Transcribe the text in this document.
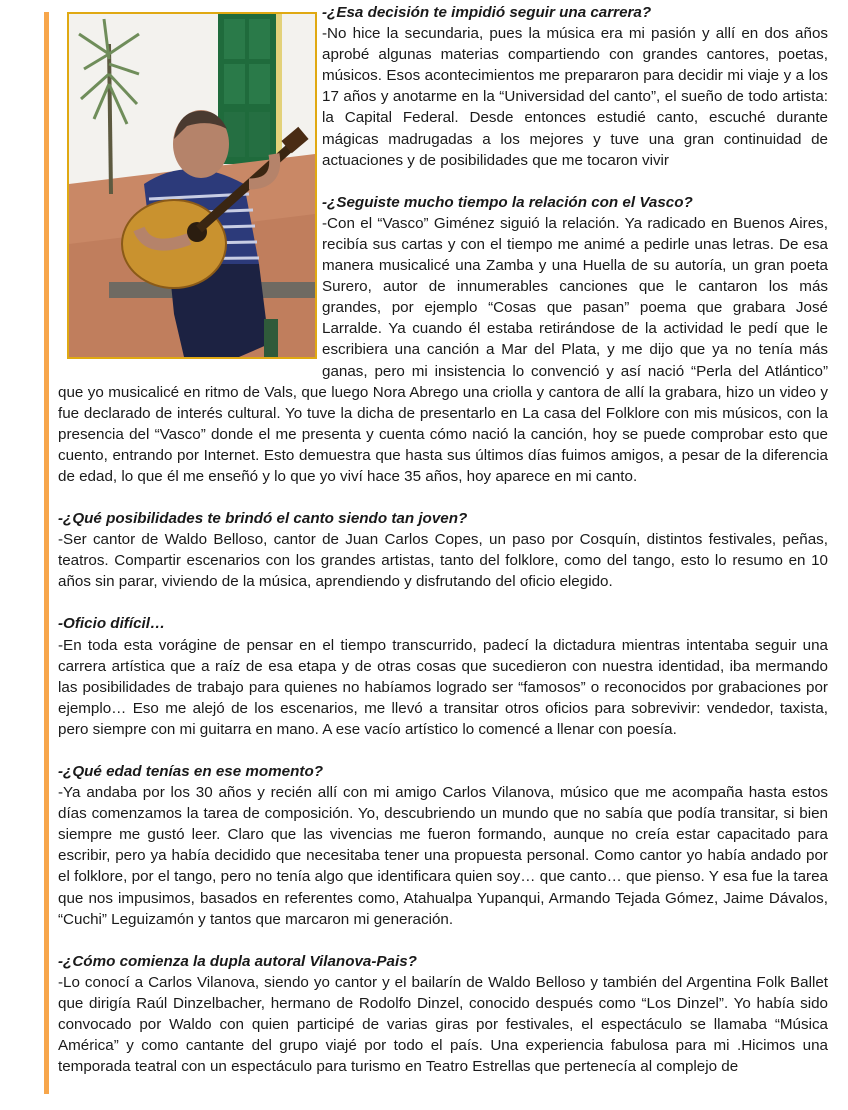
-¿Esa decisión te impidió seguir una carrera?

-No hice la secundaria, pues la música era mi pasión y allí en dos años aprobé algunas materias compartiendo con grandes cantores, poetas, músicos. Esos acontecimientos me prepararon para decidir mi viaje y a los 17 años y anotarme en la “Universidad del canto”, el sueño de todo artista: la Capital Federal. Desde entonces estudié canto, escuché durante mágicas madrugadas a los mejores y tuve una gran continuidad de actuaciones y de posibilidades que me tocaron vivir

-¿Seguiste mucho tiempo la relación con el Vasco?

-Con el “Vasco” Giménez siguió la relación. Ya radicado en Buenos Aires, recibía sus cartas y con el tiempo me animé a pedirle unas letras. De esa manera musicalicé una Zamba y una Huella de su autoría, un gran poeta Surero, autor de innumerables canciones que le cantaron los más grandes, por ejemplo “Cosas que pasan” poema que grabara José Larralde. Ya cuando él estaba retirándose de la actividad le pedí que le escribiera una canción a Mar del Plata, y me dijo que ya no tenía más ganas, pero mi insistencia lo convenció y así nació “Perla del Atlántico” que yo musicalicé en ritmo de Vals, que luego Nora Abrego una criolla y cantora de allí la grabara, hizo un video y fue declarado de interés cultural. Yo tuve la dicha de presentarlo en La casa del Folklore con mis músicos, con la presencia del “Vasco” donde el me presenta y cuenta cómo nació la canción, hoy se puede comprobar esto que cuento, entrando por Internet. Esto demuestra que hasta sus últimos días fuimos amigos, a pesar de la diferencia de edad, lo que él me enseñó y lo que yo viví hace 35 años, hoy aparece en mi canto.

-¿Qué posibilidades te brindó el canto siendo tan joven?

-Ser cantor de Waldo Belloso, cantor de Juan Carlos Copes, un paso por Cosquín, distintos festivales, peñas, teatros. Compartir escenarios con los grandes artistas, tanto del folklore, como del tango, esto lo resumo en 10 años sin parar, viviendo de la música, aprendiendo y disfrutando del oficio elegido.

-Oficio difícil…

-En toda esta vorágine de pensar en el tiempo transcurrido, padecí la dictadura mientras intentaba seguir una carrera artística que a raíz de esa etapa y de otras cosas que sucedieron con nuestra identidad, iba mermando las posibilidades de trabajo para quienes no habíamos logrado ser “famosos” o reconocidos por grabaciones por ejemplo… Eso me alejó de los escenarios, me llevó a transitar otros oficios para sobrevivir: vendedor, taxista, pero siempre con mi guitarra en mano. A ese vacío artístico lo comencé a llenar con poesía.

-¿Qué edad tenías en ese momento?

-Ya andaba por los 30 años y recién allí con mi amigo Carlos Vilanova, músico que me acompaña hasta estos días comenzamos la tarea de composición. Yo, descubriendo un mundo que no sabía que podía transitar, si bien siempre me gustó leer. Claro que las vivencias me fueron formando, aunque no creía estar capacitado para escribir, pero ya había decidido que necesitaba tener una propuesta personal. Como cantor yo había andado por el folklore, por el tango, pero no tenía algo que identificara quien soy… que canto… que pienso. Y esa fue la tarea que nos impusimos, basados en referentes como, Atahualpa Yupanqui, Armando Tejada Gómez, Jaime Dávalos, “Cuchi” Leguizamón y tantos que marcaron mi generación.

-¿Cómo comienza la dupla autoral Vilanova-Pais?

-Lo conocí a Carlos Vilanova, siendo yo cantor y el bailarín de Waldo Belloso y también del Argentina Folk Ballet que dirigía Raúl Dinzelbacher, hermano de Rodolfo Dinzel, conocido después como “Los Dinzel”. Yo había sido convocado por Waldo con quien participé de varias giras por festivales, el espectáculo se llamaba “Música América” y como cantante del grupo viajé por todo el país. Una experiencia fabulosa para mi .Hicimos una temporada teatral con un espectáculo para turismo en Teatro Estrellas que pertenecía al complejo de
